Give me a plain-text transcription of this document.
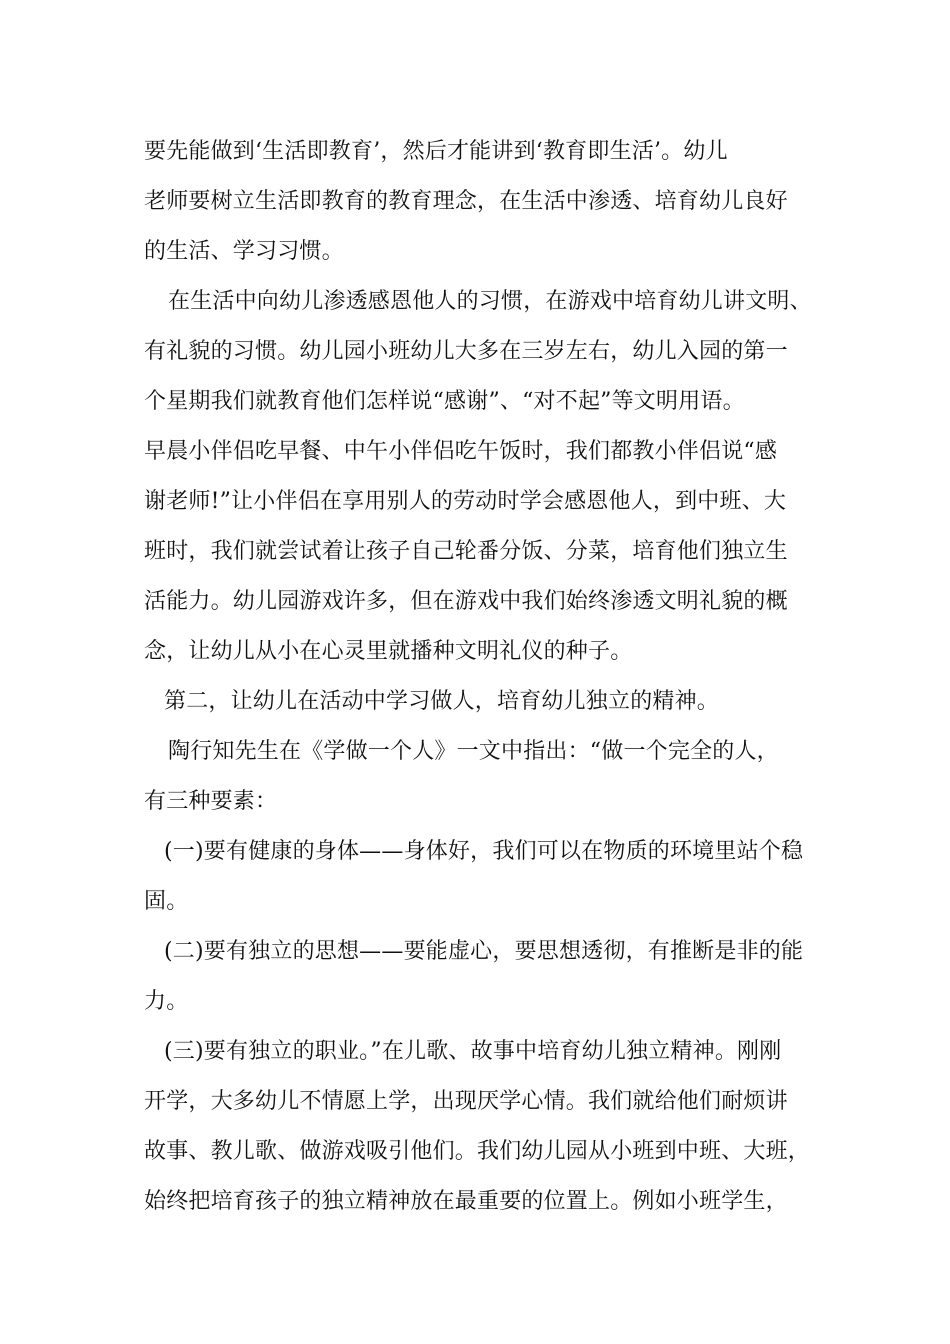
要先能做到‘生活即教育’，然后才能讲到‘教育即生活’。幼儿
老师要树立生活即教育的教育理念，在生活中渗透、培育幼儿良好
的生活、学习习惯。
在生活中向幼儿渗透感恩他人的习惯，在游戏中培育幼儿讲文明、
有礼貌的习惯。幼儿园小班幼儿大多在三岁左右，幼儿入园的第一
个星期我们就教育他们怎样说“感谢”、“对不起”等文明用语。
早晨小伴侣吃早餐、中午小伴侣吃午饭时，我们都教小伴侣说“感
谢老师!”让小伴侣在享用别人的劳动时学会感恩他人，到中班、大
班时，我们就尝试着让孩子自己轮番分饭、分菜，培育他们独立生
活能力。幼儿园游戏许多，但在游戏中我们始终渗透文明礼貌的概
念，让幼儿从小在心灵里就播种文明礼仪的种子。
第二，让幼儿在活动中学习做人，培育幼儿独立的精神。
陶行知先生在《学做一个人》一文中指出：“做一个完全的人，
有三种要素：
(一)要有健康的身体——身体好，我们可以在物质的环境里站个稳
固。
(二)要有独立的思想——要能虚心，要思想透彻，有推断是非的能
力。
(三)要有独立的职业。”在儿歌、故事中培育幼儿独立精神。刚刚
开学，大多幼儿不情愿上学，出现厌学心情。我们就给他们耐烦讲
故事、教儿歌、做游戏吸引他们。我们幼儿园从小班到中班、大班，
始终把培育孩子的独立精神放在最重要的位置上。例如小班学生，
